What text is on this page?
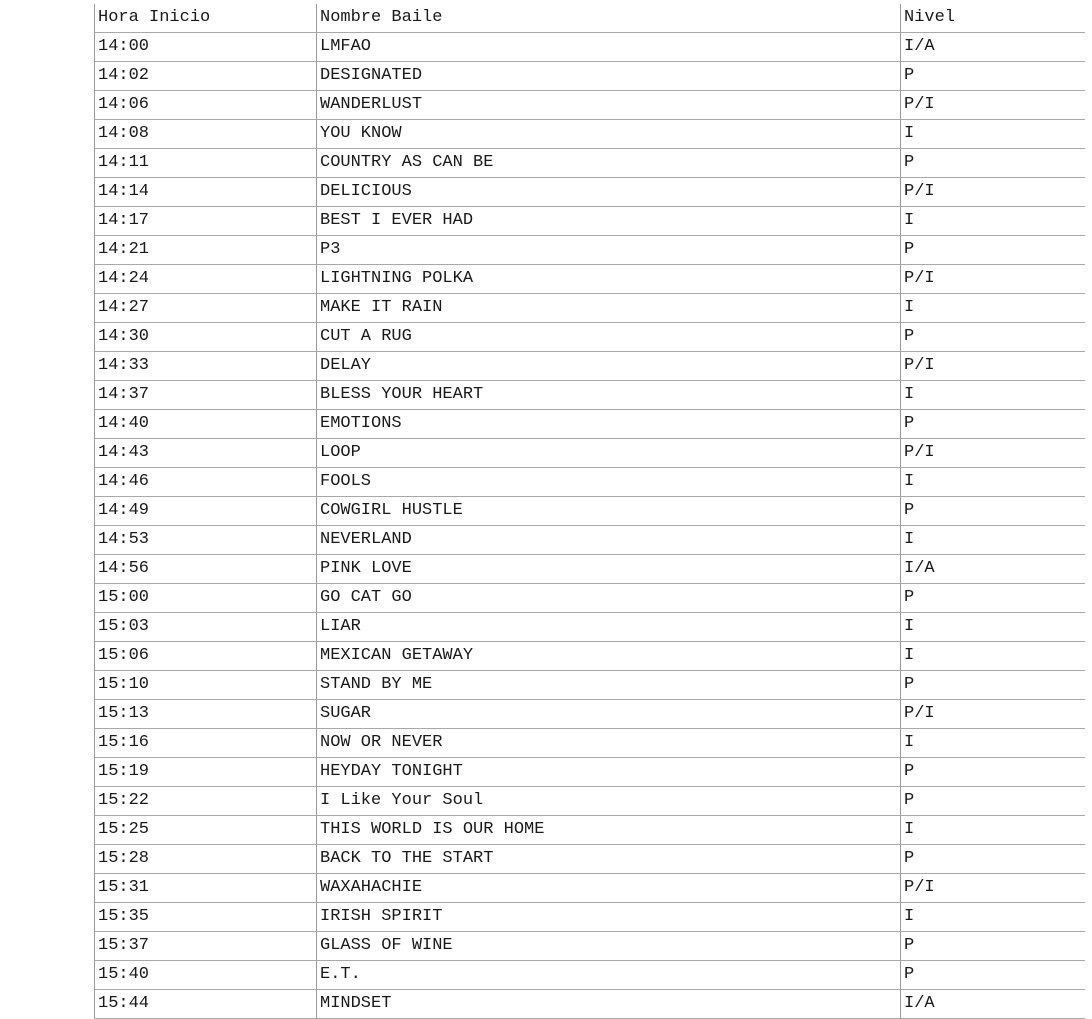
Hora Inicio	Nombre Baile	Nivel
14:00	LMFAO	I/A
14:02	DESIGNATED	P
14:06	WANDERLUST	P/I
14:08	YOU KNOW	I
14:11	COUNTRY AS CAN BE	P
14:14	DELICIOUS	P/I
14:17	BEST I EVER HAD	I
14:21	P3	P
14:24	LIGHTNING POLKA	P/I
14:27	MAKE IT RAIN	I
14:30	CUT A RUG	P
14:33	DELAY	P/I
14:37	BLESS YOUR HEART	I
14:40	EMOTIONS	P
14:43	LOOP	P/I
14:46	FOOLS	I
14:49	COWGIRL HUSTLE	P
14:53	NEVERLAND	I
14:56	PINK LOVE	I/A
15:00	GO CAT GO	P
15:03	LIAR	I
15:06	MEXICAN GETAWAY	I
15:10	STAND BY ME	P
15:13	SUGAR	P/I
15:16	NOW OR NEVER	I
15:19	HEYDAY TONIGHT	P
15:22	I Like Your Soul	P
15:25	THIS WORLD IS OUR HOME	I
15:28	BACK TO THE START	P
15:31	WAXAHACHIE	P/I
15:35	IRISH SPIRIT	I
15:37	GLASS OF WINE	P
15:40	E.T.	P
15:44	MINDSET	I/A
